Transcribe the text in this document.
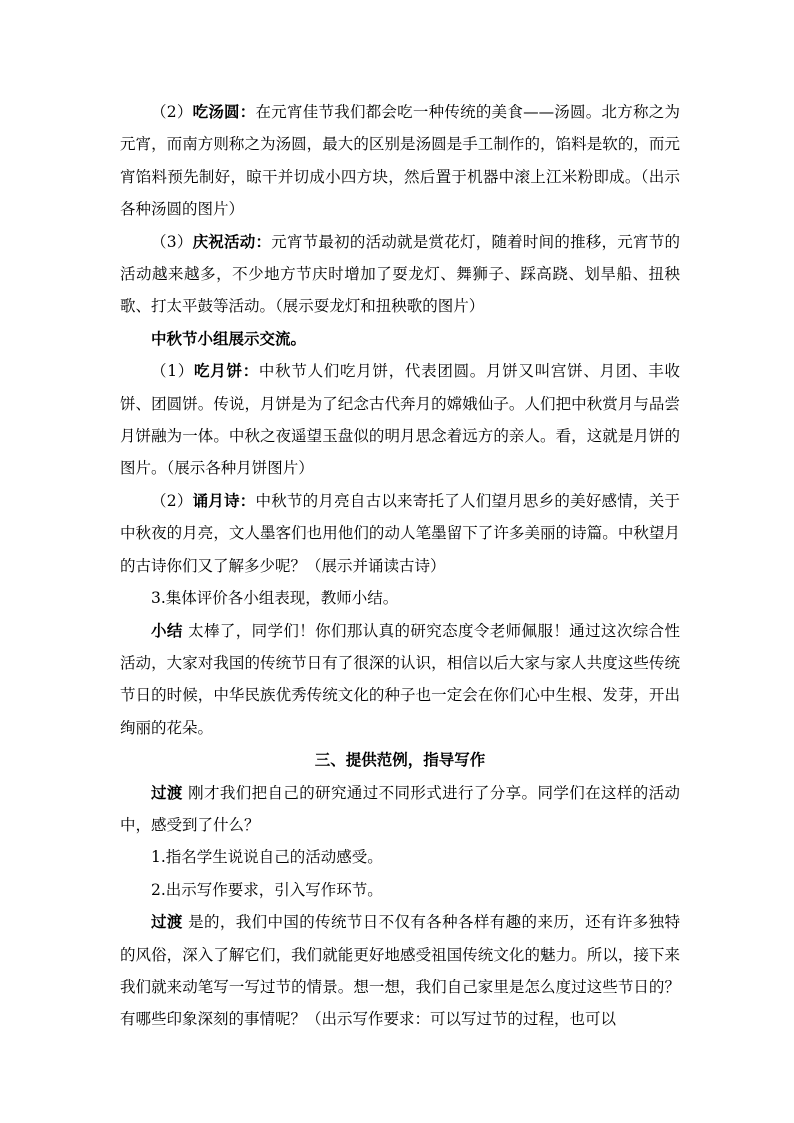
（2）吃汤圆：在元宵佳节我们都会吃一种传统的美食——汤圆。北方称之为元宵，而南方则称之为汤圆，最大的区别是汤圆是手工制作的，馅料是软的，而元宵馅料预先制好，晾干并切成小四方块，然后置于机器中滚上江米粉即成。（出示各种汤圆的图片）

（3）庆祝活动：元宵节最初的活动就是赏花灯，随着时间的推移，元宵节的活动越来越多，不少地方节庆时增加了耍龙灯、舞狮子、踩高跷、划旱船、扭秧歌、打太平鼓等活动。（展示耍龙灯和扭秧歌的图片）

中秋节小组展示交流。

（1）吃月饼：中秋节人们吃月饼，代表团圆。月饼又叫宫饼、月团、丰收饼、团圆饼。传说，月饼是为了纪念古代奔月的嫦娥仙子。人们把中秋赏月与品尝月饼融为一体。中秋之夜遥望玉盘似的明月思念着远方的亲人。看，这就是月饼的图片。（展示各种月饼图片）

（2）诵月诗：中秋节的月亮自古以来寄托了人们望月思乡的美好感情，关于中秋夜的月亮，文人墨客们也用他们的动人笔墨留下了许多美丽的诗篇。中秋望月的古诗你们又了解多少呢？（展示并诵读古诗）

3.集体评价各小组表现，教师小结。

小结 太棒了，同学们！你们那认真的研究态度令老师佩服！通过这次综合性活动，大家对我国的传统节日有了很深的认识，相信以后大家与家人共度这些传统节日的时候，中华民族优秀传统文化的种子也一定会在你们心中生根、发芽，开出绚丽的花朵。

三、提供范例，指导写作

过渡 刚才我们把自己的研究通过不同形式进行了分享。同学们在这样的活动中，感受到了什么？

1.指名学生说说自己的活动感受。

2.出示写作要求，引入写作环节。

过渡 是的，我们中国的传统节日不仅有各种各样有趣的来历，还有许多独特的风俗，深入了解它们，我们就能更好地感受祖国传统文化的魅力。所以，接下来我们就来动笔写一写过节的情景。想一想，我们自己家里是怎么度过这些节日的？有哪些印象深刻的事情呢？（出示写作要求：可以写过节的过程，也可以
